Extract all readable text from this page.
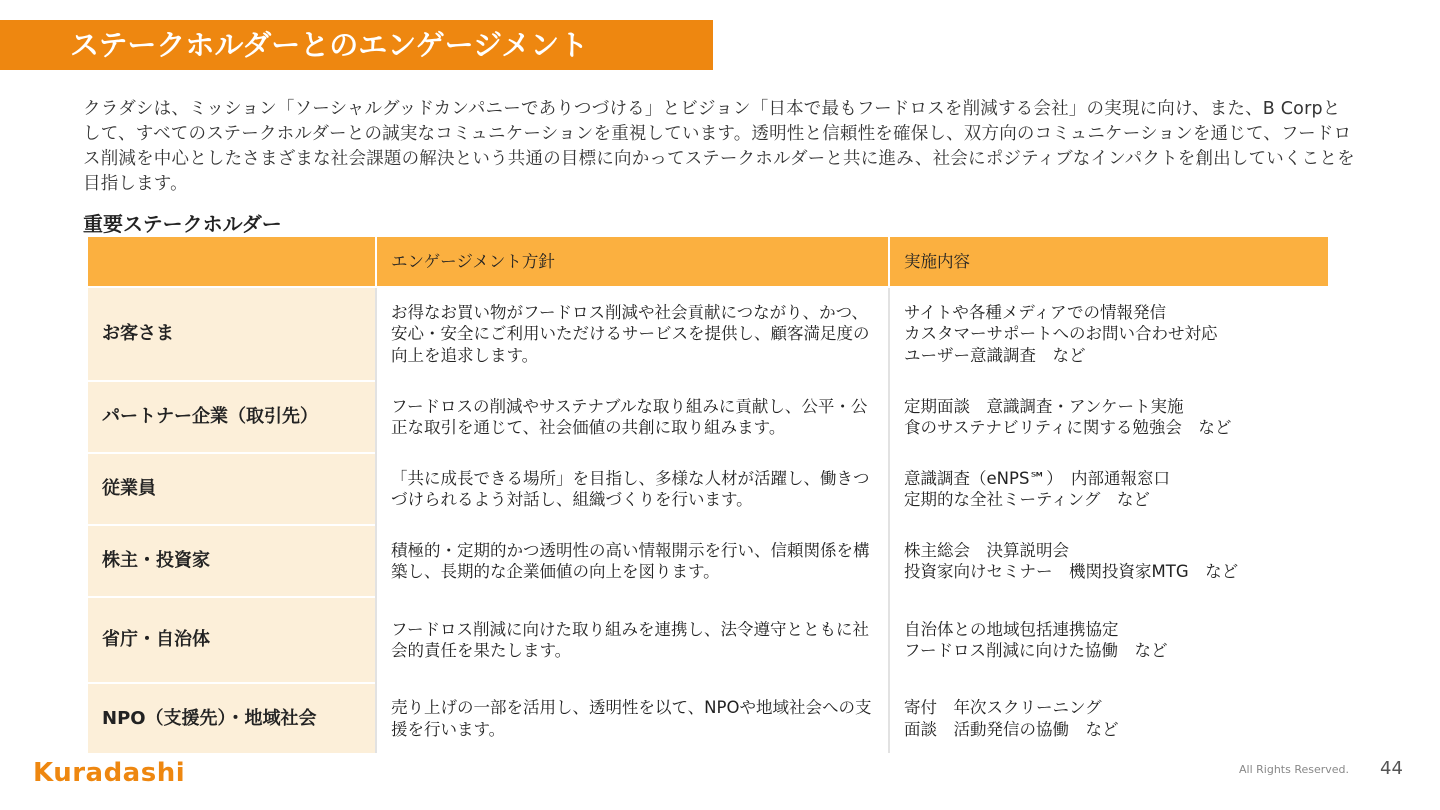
ステークホルダーとのエンゲージメント
クラダシは、ミッション「ソーシャルグッドカンパニーでありつづける」とビジョン「日本で最もフードロスを削減する会社」の実現に向け、また、B Corpとして、すべてのステークホルダーとの誠実なコミュニケーションを重視しています。透明性と信頼性を確保し、双方向のコミュニケーションを通じて、フードロス削減を中心としたさまざまな社会課題の解決という共通の目標に向かってステークホルダーと共に進み、社会にポジティブなインパクトを創出していくことを目指します。
重要ステークホルダー
	エンゲージメント方針	実施内容
お客さま	お得なお買い物がフードロス削減や社会貢献につながり、かつ、安心・安全にご利用いただけるサービスを提供し、顧客満足度の向上を追求します。	サイトや各種メディアでの情報発信
カスタマーサポートへのお問い合わせ対応
ユーザー意識調査　など

パートナー企業（取引先）	フードロスの削減やサステナブルな取り組みに貢献し、公平・公正な取引を通じて、社会価値の共創に取り組みます。	定期面談　意識調査・アンケート実施
食のサステナビリティに関する勉強会　など

従業員	「共に成長できる場所」を目指し、多様な人材が活躍し、働きつづけられるよう対話し、組織づくりを行います。	意識調査（eNPS℠）　内部通報窓口
定期的な全社ミーティング　など

株主・投資家	積極的・定期的かつ透明性の高い情報開示を行い、信頼関係を構築し、長期的な企業価値の向上を図ります。	株主総会　決算説明会
投資家向けセミナー　機関投資家MTG　など

省庁・自治体	フードロス削減に向けた取り組みを連携し、法令遵守とともに社会的責任を果たします。	自治体との地域包括連携協定
フードロス削減に向けた協働　など

NPO（支援先）・地域社会	売り上げの一部を活用し、透明性を以て、NPOや地域社会への支援を行います。	寄付　年次スクリーニング
面談　活動発信の協働　など
Kuradashi	All Rights Reserved. 44
